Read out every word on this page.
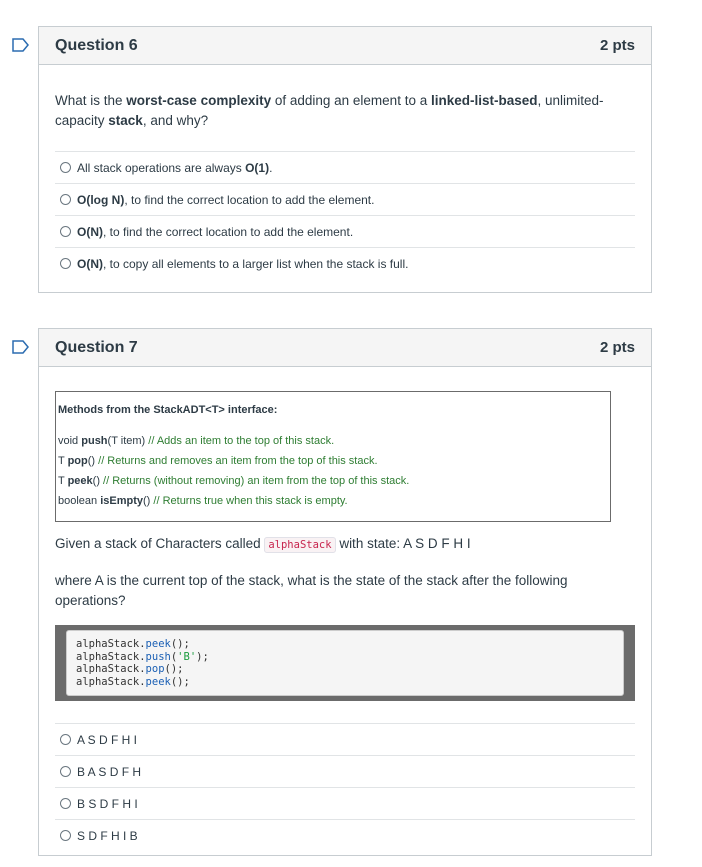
Question 6	2 pts
What is the worst-case complexity of adding an element to a linked-list-based, unlimited-capacity stack, and why?
All stack operations are always O(1).
O(log N), to find the correct location to add the element.
O(N), to find the correct location to add the element.
O(N), to copy all elements to a larger list when the stack is full.
Question 7	2 pts
Methods from the StackADT<T> interface:
void push(T item) // Adds an item to the top of this stack.
T pop() // Returns and removes an item from the top of this stack.
T peek() // Returns (without removing) an item from the top of this stack.
boolean isEmpty() // Returns true when this stack is empty.
Given a stack of Characters called alphaStack with state: A S D F H I
where A is the current top of the stack, what is the state of the stack after the following operations?
alphaStack.peek();
alphaStack.push('B');
alphaStack.pop();
alphaStack.peek();
A S D F H I
B A S D F H
B S D F H I
S D F H I B
